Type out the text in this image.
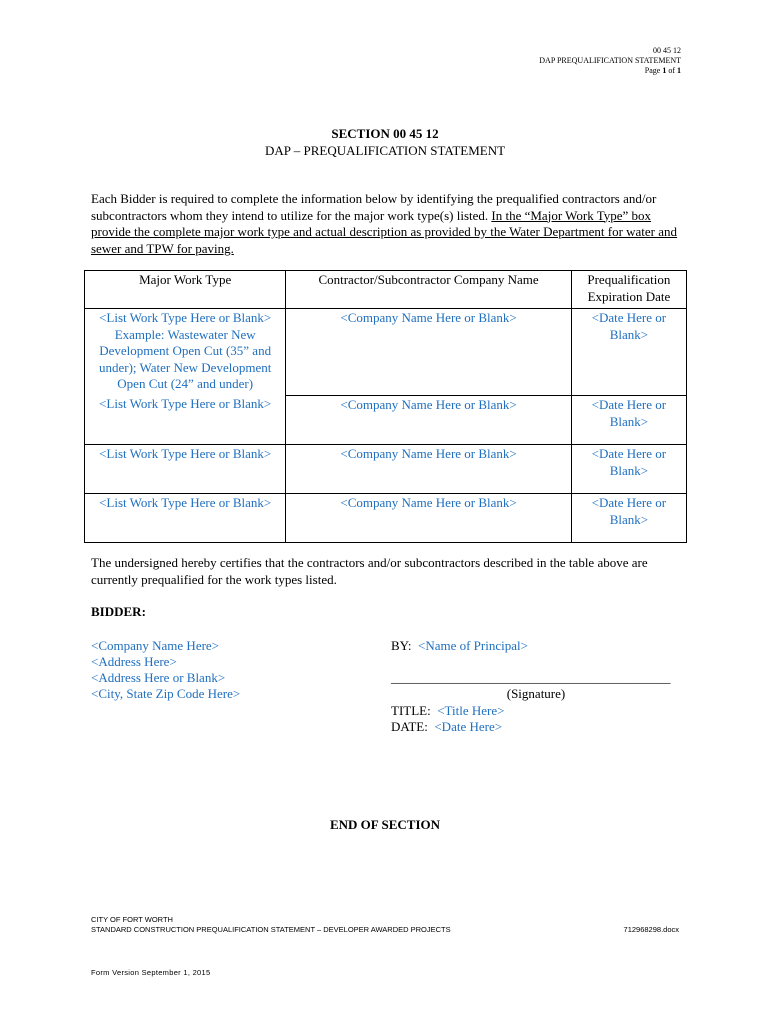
00 45 12
DAP PREQUALIFICATION STATEMENT
Page 1 of 1
SECTION 00 45 12
DAP – PREQUALIFICATION STATEMENT
Each Bidder is required to complete the information below by identifying the prequalified contractors and/or subcontractors whom they intend to utilize for the major work type(s) listed. In the “Major Work Type” box provide the complete major work type and actual description as provided by the Water Department for water and sewer and TPW for paving.
Major Work Type	Contractor/Subcontractor Company Name	Prequalification Expiration Date
<List Work Type Here or Blank> Example: Wastewater New Development Open Cut (35” and under); Water New Development Open Cut (24” and under)	<Company Name Here or Blank>	<Date Here or Blank>
<List Work Type Here or Blank>	<Company Name Here or Blank>	<Date Here or Blank>
<List Work Type Here or Blank>	<Company Name Here or Blank>	<Date Here or Blank>
<List Work Type Here or Blank>	<Company Name Here or Blank>	<Date Here or Blank>
The undersigned hereby certifies that the contractors and/or subcontractors described in the table above are currently prequalified for the work types listed.
BIDDER:
<Company Name Here>
<Address Here>
<Address Here or Blank>
<City, State Zip Code Here>
BY: <Name of Principal>
___________________________________________
(Signature)
TITLE: <Title Here>
DATE: <Date Here>
END OF SECTION
CITY OF FORT WORTH
STANDARD CONSTRUCTION PREQUALIFICATION STATEMENT – DEVELOPER AWARDED PROJECTS	712968298.docx
Form Version September 1, 2015
